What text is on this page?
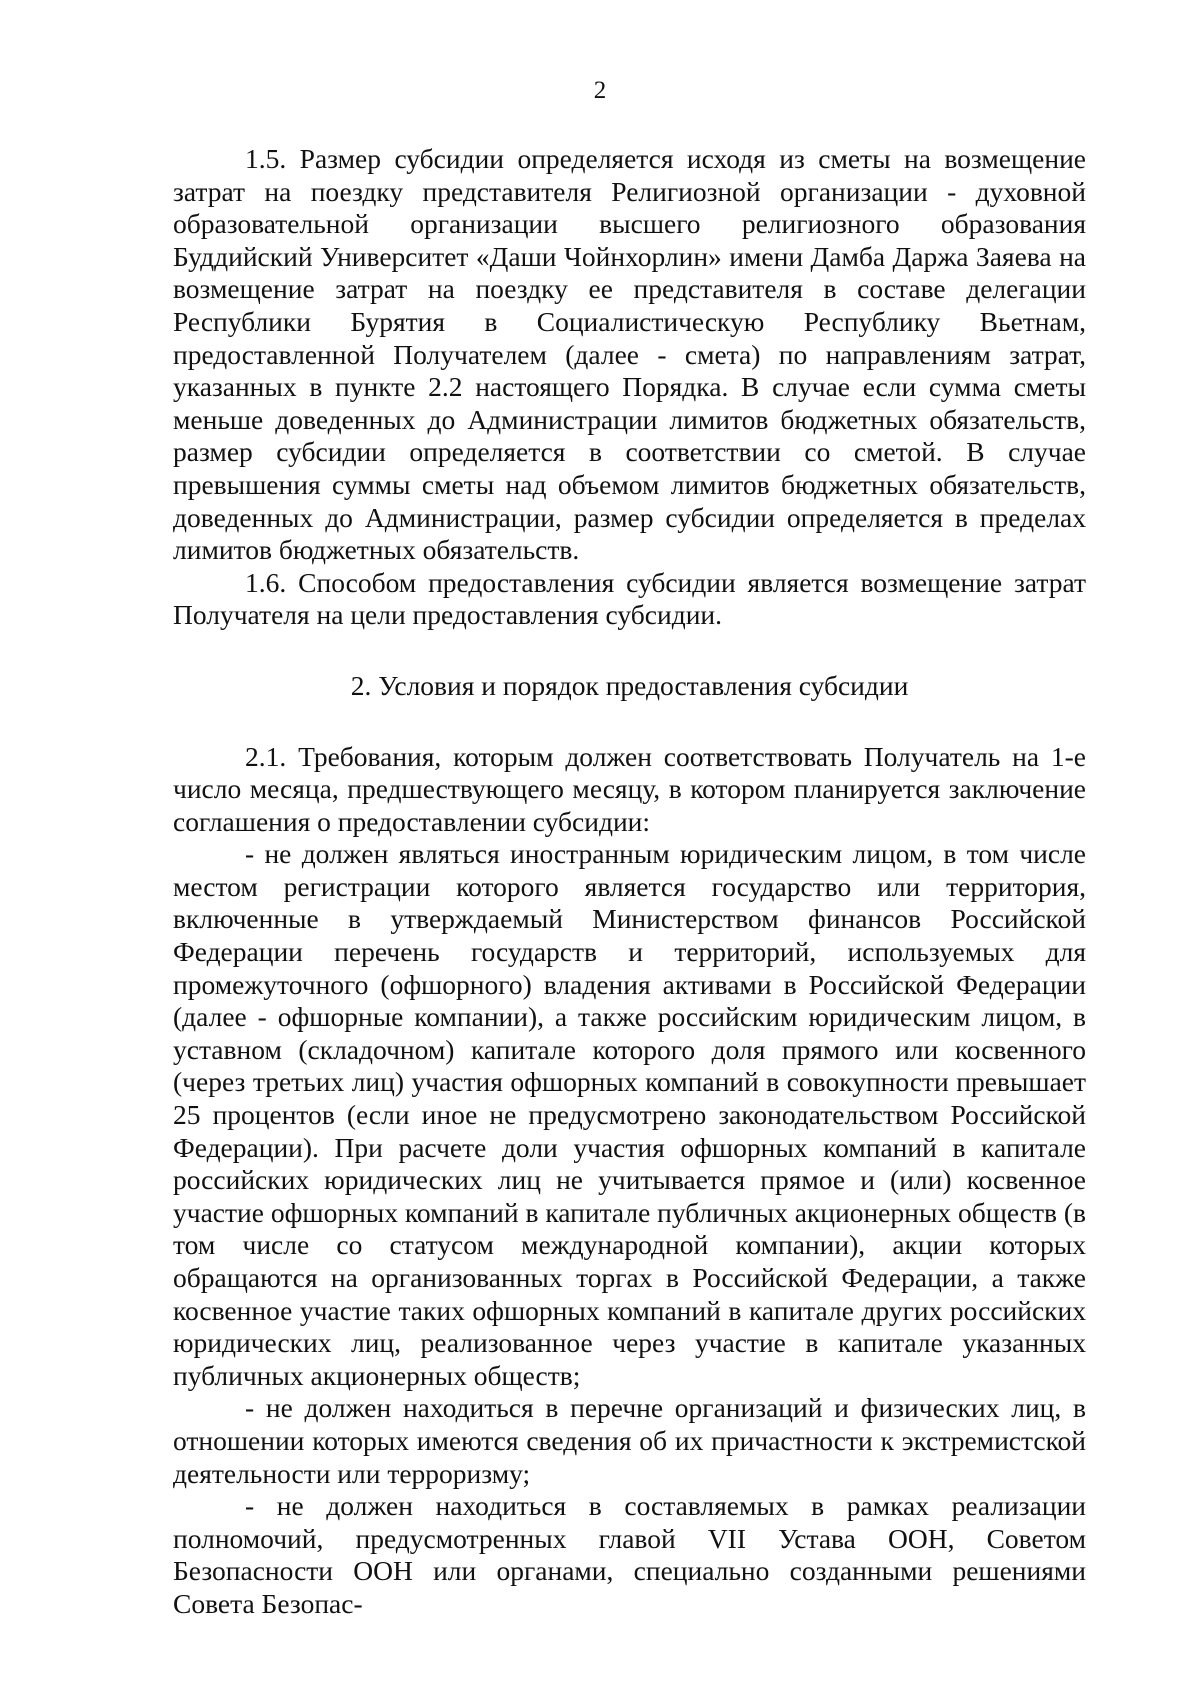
2

1.5. Размер субсидии определяется исходя из сметы на возмещение затрат на поездку представителя Религиозной организации - духовной образовательной организации высшего религиозного образования Буддийский Университет «Даши Чойнхорлин» имени Дамба Даржа Заяева на возмещение затрат на поездку ее представителя в составе делегации Республики Бурятия в Социалистическую Республику Вьетнам, предоставленной Получателем (далее - смета) по направлениям затрат, указанных в пункте 2.2 настоящего Порядка. В случае если сумма сметы меньше доведенных до Администрации лимитов бюджетных обязательств, размер субсидии определяется в соответствии со сметой. В случае превышения суммы сметы над объемом лимитов бюджетных обязательств, доведенных до Администрации, размер субсидии определяется в пределах лимитов бюджетных обязательств.

1.6. Способом предоставления субсидии является возмещение затрат Получателя на цели предоставления субсидии.

2. Условия и порядок предоставления субсидии

2.1. Требования, которым должен соответствовать Получатель на 1-е число месяца, предшествующего месяцу, в котором планируется заключение соглашения о предоставлении субсидии:

- не должен являться иностранным юридическим лицом, в том числе местом регистрации которого является государство или территория, включенные в утверждаемый Министерством финансов Российской Федерации перечень государств и территорий, используемых для промежуточного (офшорного) владения активами в Российской Федерации (далее - офшорные компании), а также российским юридическим лицом, в уставном (складочном) капитале которого доля прямого или косвенного (через третьих лиц) участия офшорных компаний в совокупности превышает 25 процентов (если иное не предусмотрено законодательством Российской Федерации). При расчете доли участия офшорных компаний в капитале российских юридических лиц не учитывается прямое и (или) косвенное участие офшорных компаний в капитале публичных акционерных обществ (в том числе со статусом международной компании), акции которых обращаются на организованных торгах в Российской Федерации, а также косвенное участие таких офшорных компаний в капитале других российских юридических лиц, реализованное через участие в капитале указанных публичных акционерных обществ;

- не должен находиться в перечне организаций и физических лиц, в отношении которых имеются сведения об их причастности к экстремистской деятельности или терроризму;

- не должен находиться в составляемых в рамках реализации полномочий, предусмотренных главой VII Устава ООН, Советом Безопасности ООН или органами, специально созданными решениями Совета Безопас-
